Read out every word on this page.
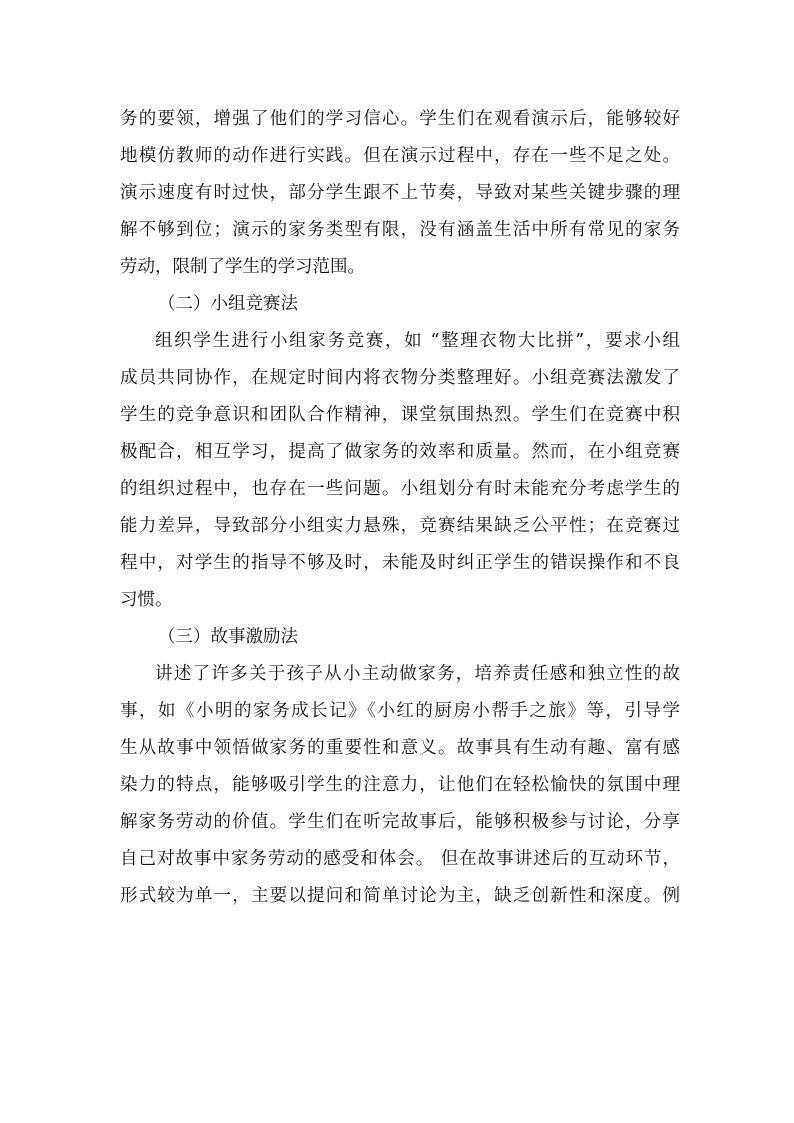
务的要领，增强了他们的学习信心。学生们在观看演示后，能够较好
地模仿教师的动作进行实践。但在演示过程中，存在一些不足之处。
演示速度有时过快，部分学生跟不上节奏，导致对某些关键步骤的理
解不够到位；演示的家务类型有限，没有涵盖生活中所有常见的家务
劳动，限制了学生的学习范围。
（二）小组竞赛法
组织学生进行小组家务竞赛，如 “整理衣物大比拼”，要求小组
成员共同协作，在规定时间内将衣物分类整理好。小组竞赛法激发了
学生的竞争意识和团队合作精神，课堂氛围热烈。学生们在竞赛中积
极配合，相互学习，提高了做家务的效率和质量。然而，在小组竞赛
的组织过程中，也存在一些问题。小组划分有时未能充分考虑学生的
能力差异，导致部分小组实力悬殊，竞赛结果缺乏公平性；在竞赛过
程中，对学生的指导不够及时，未能及时纠正学生的错误操作和不良
习惯。
（三）故事激励法
讲述了许多关于孩子从小主动做家务，培养责任感和独立性的故
事，如《小明的家务成长记》《小红的厨房小帮手之旅》等，引导学
生从故事中领悟做家务的重要性和意义。故事具有生动有趣、富有感
染力的特点，能够吸引学生的注意力，让他们在轻松愉快的氛围中理
解家务劳动的价值。学生们在听完故事后，能够积极参与讨论，分享
自己对故事中家务劳动的感受和体会。 但在故事讲述后的互动环节，
形式较为单一，主要以提问和简单讨论为主，缺乏创新性和深度。例
